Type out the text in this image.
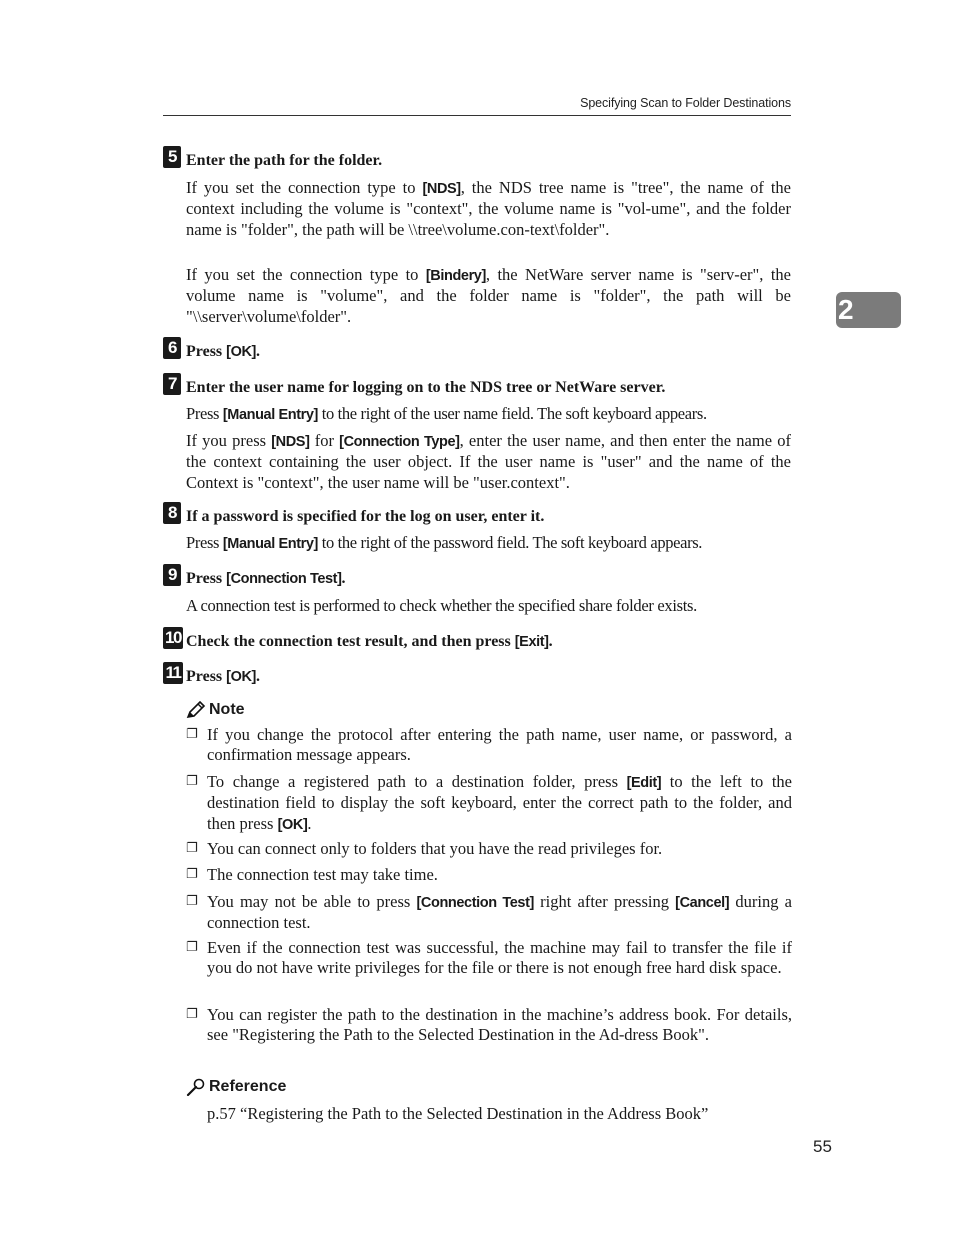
Specifying Scan to Folder Destinations
2
5 Enter the path for the folder.
If you set the connection type to [NDS], the NDS tree name is "tree", the name of the context including the volume is "context", the volume name is "vol-ume", and the folder name is "folder", the path will be \\tree\volume.con-text\folder".
If you set the connection type to [Bindery], the NetWare server name is "serv-er", the volume name is "volume", and the folder name is "folder", the path will be "\\server\volume\folder".
6 Press [OK].
7 Enter the user name for logging on to the NDS tree or NetWare server.
Press [Manual Entry] to the right of the user name field. The soft keyboard appears.
If you press [NDS] for [Connection Type], enter the user name, and then enter the name of the context containing the user object. If the user name is "user" and the name of the Context is "context", the user name will be "user.context".
8 If a password is specified for the log on user, enter it.
Press [Manual Entry] to the right of the password field. The soft keyboard appears.
9 Press [Connection Test].
A connection test is performed to check whether the specified share folder exists.
10 Check the connection test result, and then press [Exit].
11 Press [OK].
Note
❐ If you change the protocol after entering the path name, user name, or password, a confirmation message appears.
❐ To change a registered path to a destination folder, press [Edit] to the left to the destination field to display the soft keyboard, enter the correct path to the folder, and then press [OK].
❐ You can connect only to folders that you have the read privileges for.
❐ The connection test may take time.
❐ You may not be able to press [Connection Test] right after pressing [Cancel] during a connection test.
❐ Even if the connection test was successful, the machine may fail to transfer the file if you do not have write privileges for the file or there is not enough free hard disk space.
❐ You can register the path to the destination in the machine’s address book. For details, see "Registering the Path to the Selected Destination in the Ad-dress Book".
Reference
p.57 “Registering the Path to the Selected Destination in the Address Book”
55
